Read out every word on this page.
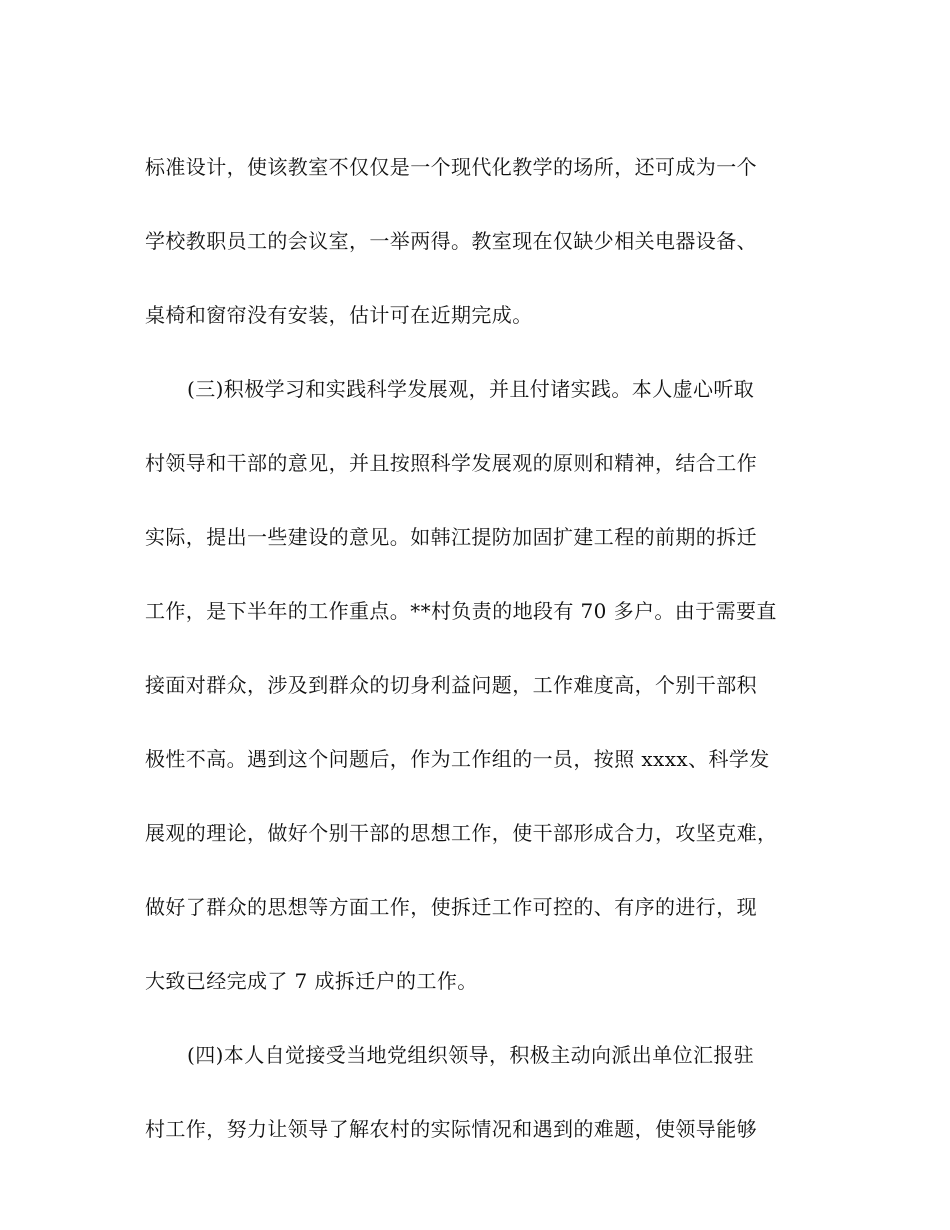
标准设计，使该教室不仅仅是一个现代化教学的场所，还可成为一个
学校教职员工的会议室，一举两得。教室现在仅缺少相关电器设备、
桌椅和窗帘没有安装，估计可在近期完成。
(三)积极学习和实践科学发展观，并且付诸实践。本人虚心听取
村领导和干部的意见，并且按照科学发展观的原则和精神，结合工作
实际，提出一些建设的意见。如韩江提防加固扩建工程的前期的拆迁
工作，是下半年的工作重点。**村负责的地段有 70 多户。由于需要直
接面对群众，涉及到群众的切身利益问题，工作难度高，个别干部积
极性不高。遇到这个问题后，作为工作组的一员，按照 xxxx、科学发
展观的理论，做好个别干部的思想工作，使干部形成合力，攻坚克难，
做好了群众的思想等方面工作，使拆迁工作可控的、有序的进行，现
大致已经完成了 7 成拆迁户的工作。
(四)本人自觉接受当地党组织领导，积极主动向派出单位汇报驻
村工作，努力让领导了解农村的实际情况和遇到的难题，使领导能够
